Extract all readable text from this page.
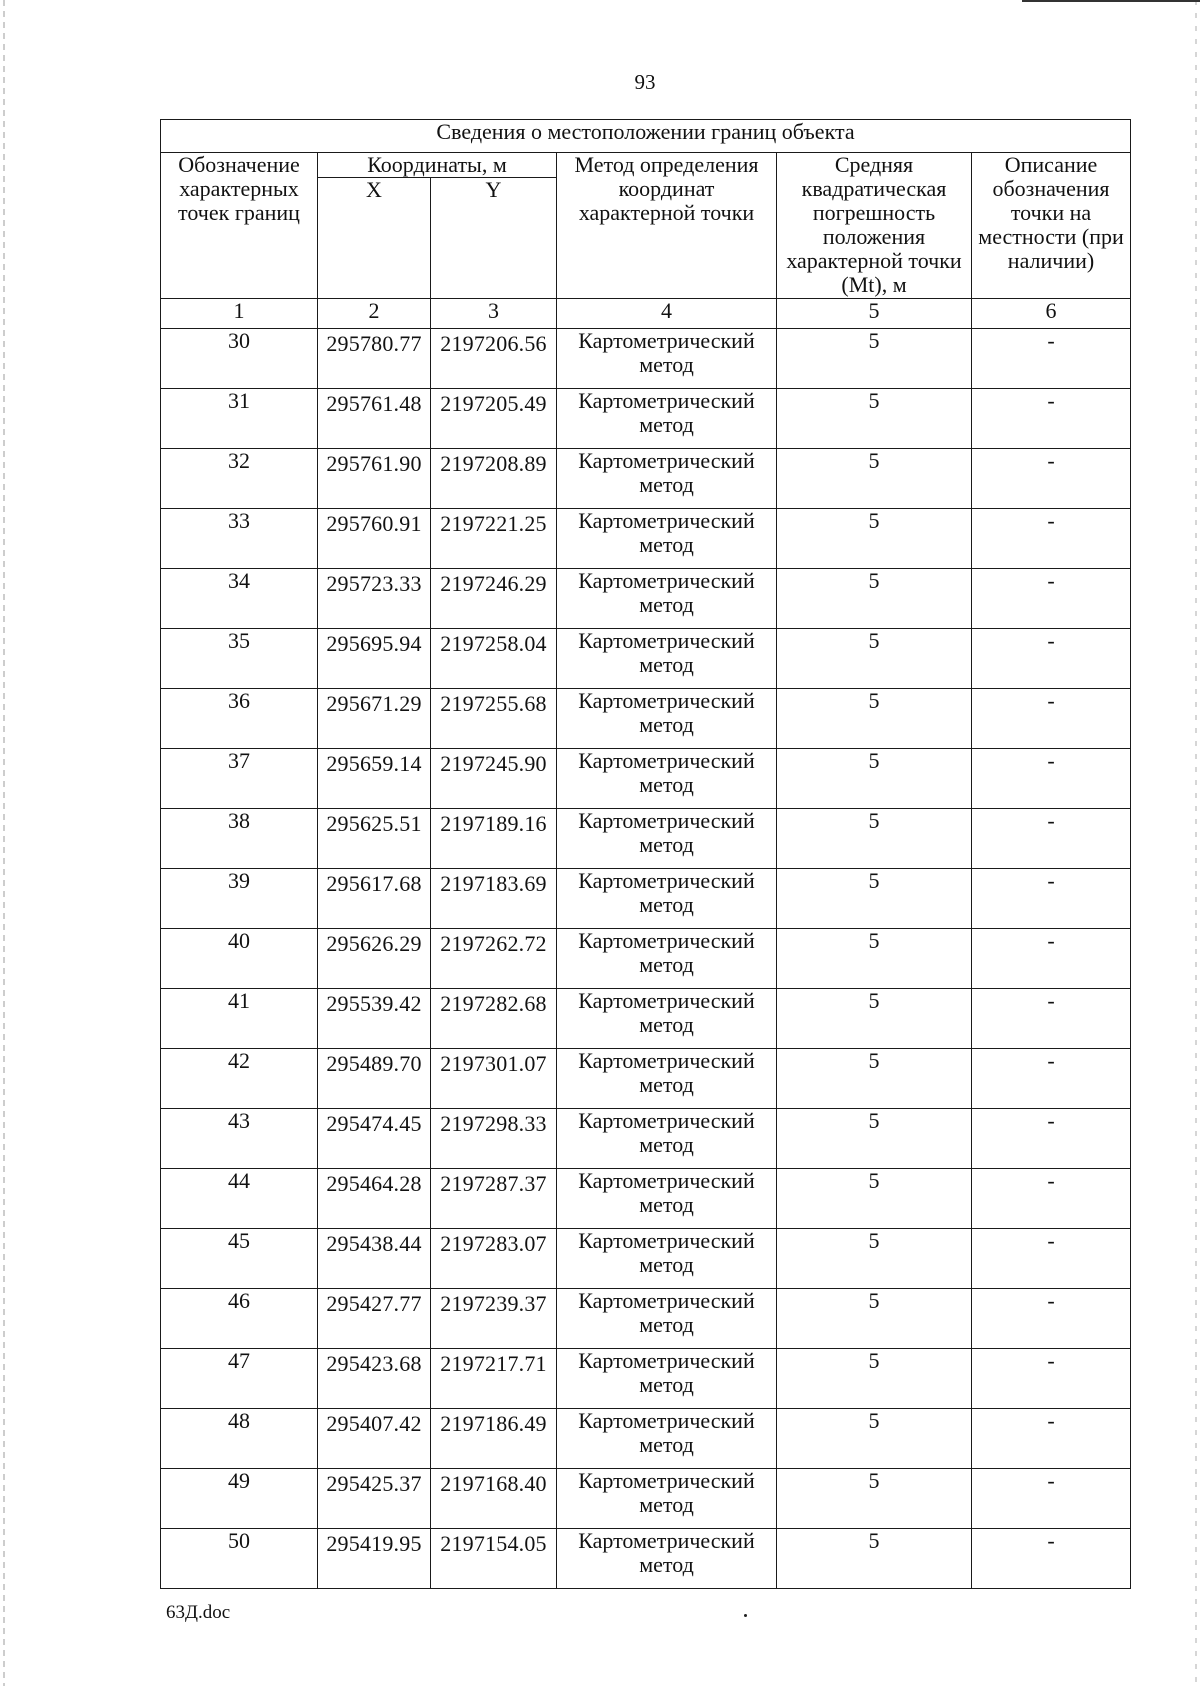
93
Сведения о местоположении границ объекта					
Обозначение характерных точек границ	Координаты, м		Метод определения координат характерной точки	Средняя квадратическая погрешность положения характерной точки (Mt), м	Описание обозначения точки на местности (при наличии)
	X	Y			
1	2	3	4	5	6
30	295780.77	2197206.56	Картометрический метод	5	-
31	295761.48	2197205.49	Картометрический метод	5	-
32	295761.90	2197208.89	Картометрический метод	5	-
33	295760.91	2197221.25	Картометрический метод	5	-
34	295723.33	2197246.29	Картометрический метод	5	-
35	295695.94	2197258.04	Картометрический метод	5	-
36	295671.29	2197255.68	Картометрический метод	5	-
37	295659.14	2197245.90	Картометрический метод	5	-
38	295625.51	2197189.16	Картометрический метод	5	-
39	295617.68	2197183.69	Картометрический метод	5	-
40	295626.29	2197262.72	Картометрический метод	5	-
41	295539.42	2197282.68	Картометрический метод	5	-
42	295489.70	2197301.07	Картометрический метод	5	-
43	295474.45	2197298.33	Картометрический метод	5	-
44	295464.28	2197287.37	Картометрический метод	5	-
45	295438.44	2197283.07	Картометрический метод	5	-
46	295427.77	2197239.37	Картометрический метод	5	-
47	295423.68	2197217.71	Картометрический метод	5	-
48	295407.42	2197186.49	Картометрический метод	5	-
49	295425.37	2197168.40	Картометрический метод	5	-
50	295419.95	2197154.05	Картометрический метод	5	-
63Д.doc
